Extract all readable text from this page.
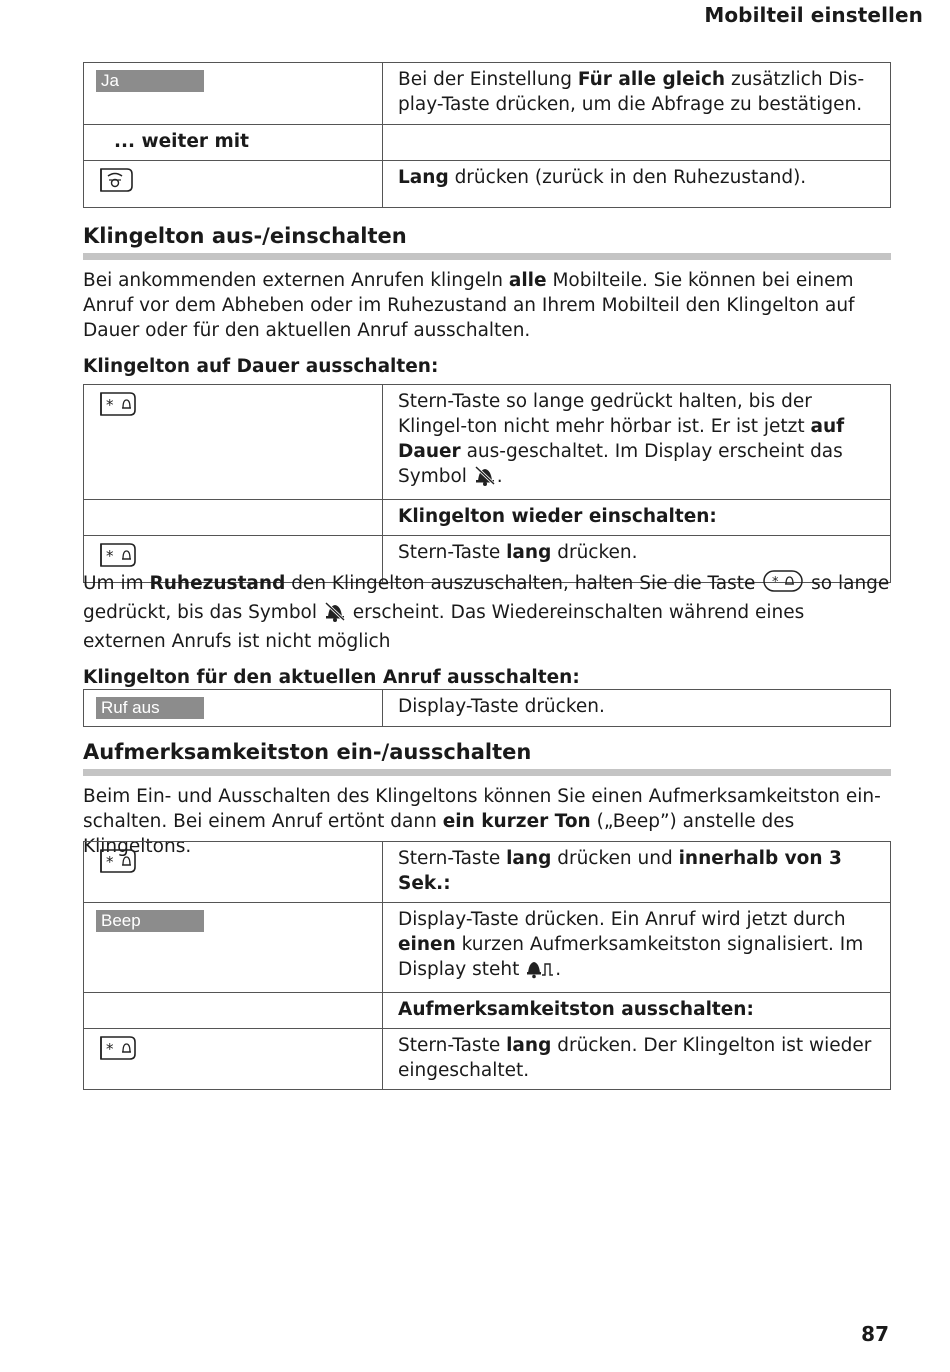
Mobilteil einstellen
Ja	Bei der Einstellung Für alle gleich zusätzlich Dis-play-Taste drücken, um die Abfrage zu bestätigen.
... weiter mit	
	Lang drücken (zurück in den Ruhezustand).
Klingelton aus-/einschalten

Bei ankommenden externen Anrufen klingeln alle Mobilteile. Sie können bei einem Anruf vor dem Abheben oder im Ruhezustand an Ihrem Mobilteil den Klingelton auf Dauer oder für den aktuellen Anruf ausschalten.

Klingelton auf Dauer ausschalten:
*	Stern-Taste so lange gedrückt halten, bis der Klingel-ton nicht mehr hörbar ist. Er ist jetzt auf Dauer aus-geschaltet. Im Display erscheint das Symbol .
	Klingelton wieder einschalten:

*	Stern-Taste lang drücken.

Um im Ruhezustand den Klingelton auszuschalten, halten Sie die Taste * so lange gedrückt, bis das Symbol  erscheint. Das Wiedereinschalten während eines externen Anrufs ist nicht möglich

Klingelton für den aktuellen Anruf ausschalten:
Ruf aus	Display-Taste drücken.
Aufmerksamkeitston ein-/ausschalten

Beim Ein- und Ausschalten des Klingeltons können Sie einen Aufmerksamkeitston ein-schalten. Bei einem Anruf ertönt dann ein kurzer Ton („Beep”) anstelle des Klingeltons.

*	Stern-Taste lang drücken und innerhalb von 3 Sek.:
Beep	Display-Taste drücken. Ein Anruf wird jetzt durch einen kurzen Aufmerksamkeitston signalisiert. Im Display steht .
	Aufmerksamkeitston ausschalten:

*	Stern-Taste lang drücken. Der Klingelton ist wieder eingeschaltet.
87
